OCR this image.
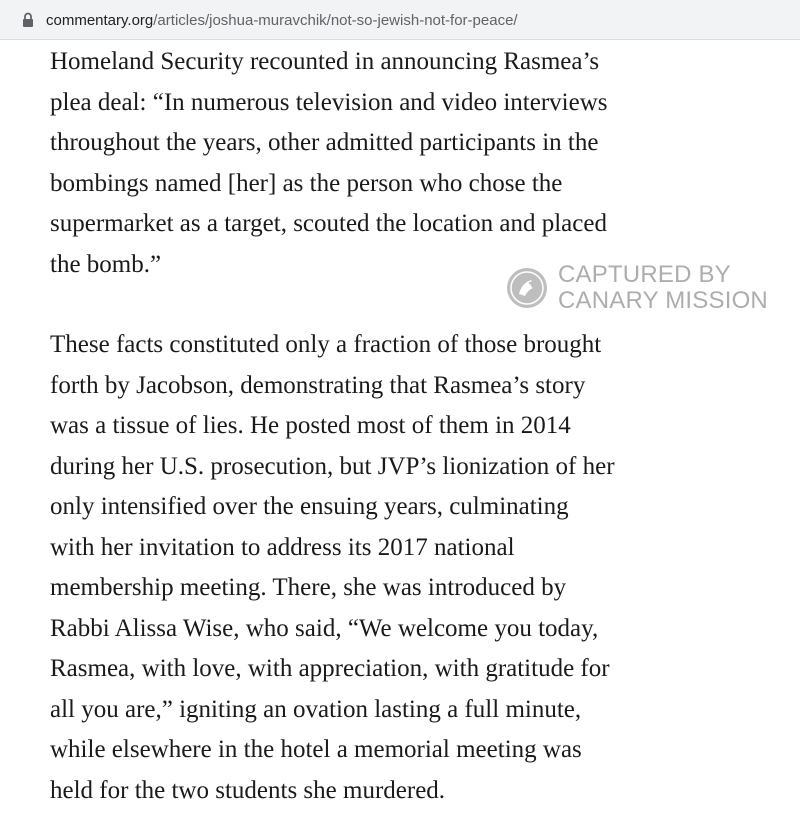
commentary.org/articles/joshua-muravchik/not-so-jewish-not-for-peace/

Homeland Security recounted in announcing Rasmea’s
plea deal: “In numerous television and video interviews
throughout the years, other admitted participants in the
bombings named [her] as the person who chose the
supermarket as a target, scouted the location and placed
the bomb.”

These facts constituted only a fraction of those brought
forth by Jacobson, demonstrating that Rasmea’s story
was a tissue of lies. He posted most of them in 2014
during her U.S. prosecution, but JVP’s lionization of her
only intensified over the ensuing years, culminating
with her invitation to address its 2017 national
membership meeting. There, she was introduced by
Rabbi Alissa Wise, who said, “We welcome you today,
Rasmea, with love, with appreciation, with gratitude for
all you are,” igniting an ovation lasting a full minute,
while elsewhere in the hotel a memorial meeting was
held for the two students she murdered.

CAPTURED BY
CANARY MISSION
